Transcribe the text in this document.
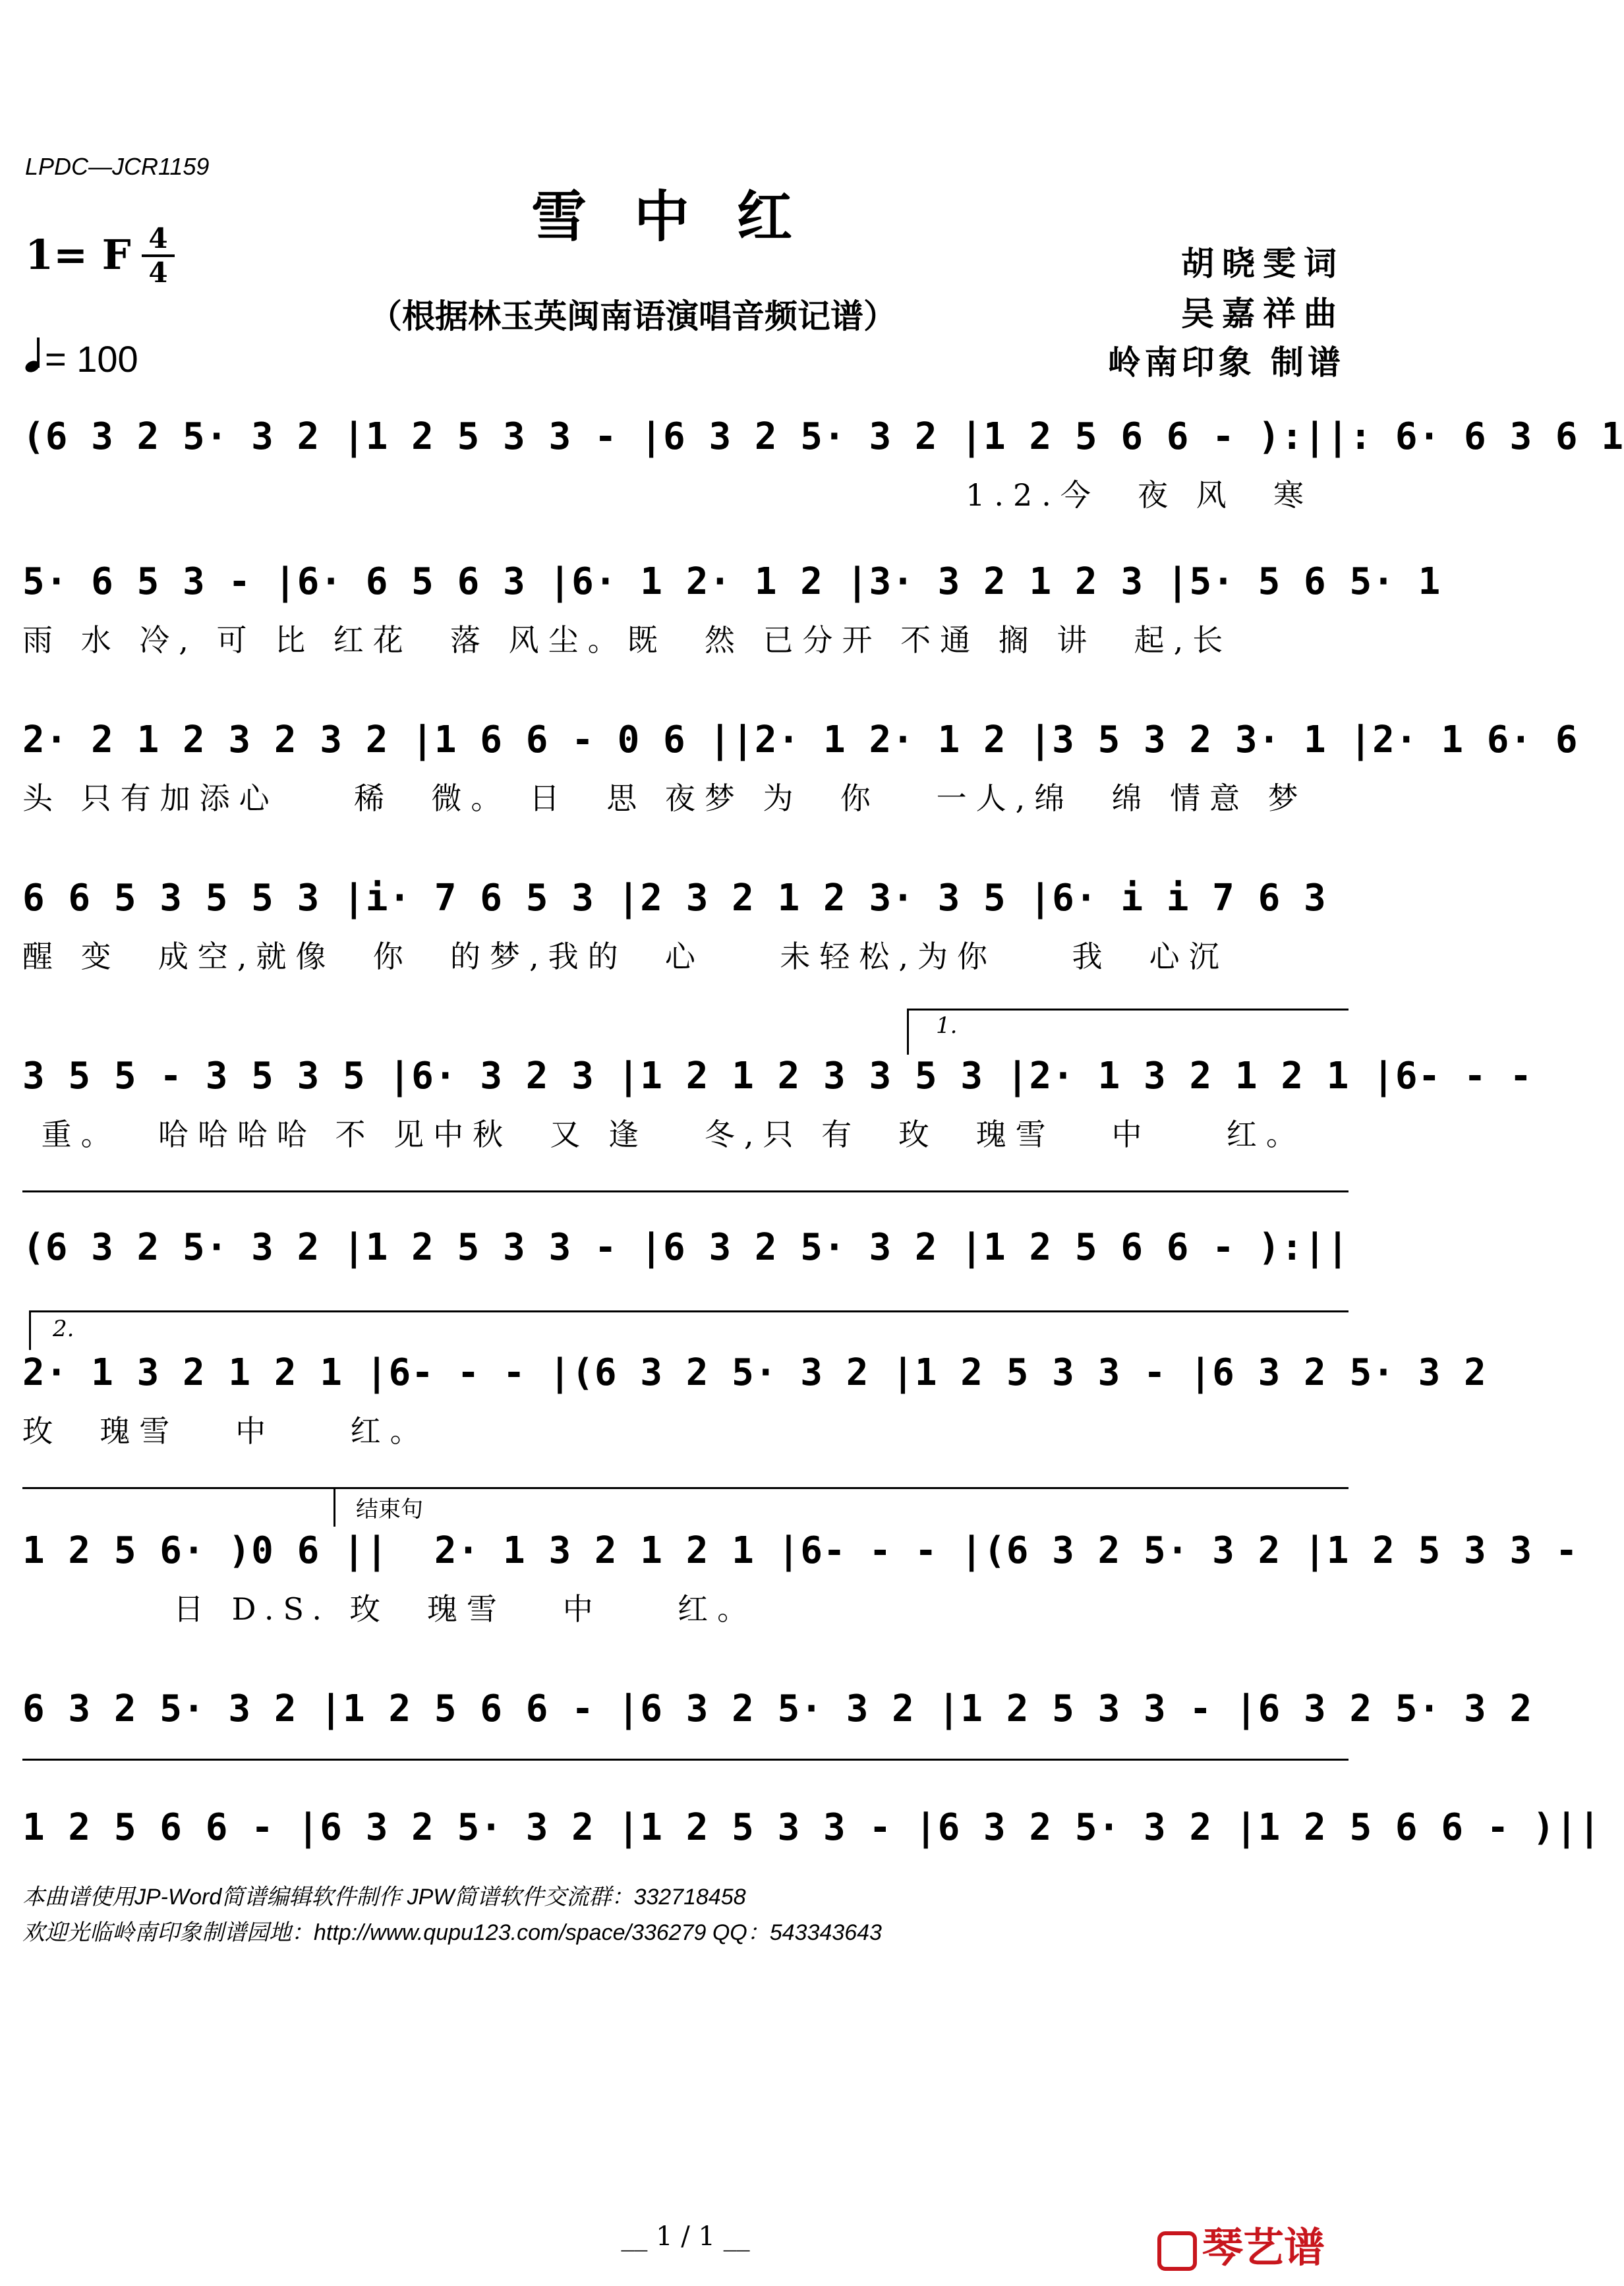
LPDC—JCR1159
雪中红
1= F 4
4
（根据林玉英闽南语演唱音频记谱）
= 100
胡晓雯词
吴嘉祥曲
岭南印象 制谱
(6 3 2 5· 3 2 |1 2 5 3 3 - |6 3 2 5· 3 2 |1 2 5 6 6 - ):||: 6· 6 3 6 1
1.2.今  夜 风  寒
5· 6 5 3 - |6· 6 5 6 3 |6· 1 2· 1 2 |3· 3 2 1 2 3 |5· 5 6 5· 1
雨 水 冷, 可 比 红花  落 风尘。既  然 已分开 不通 搁 讲  起,长
2· 2 1 2 3 2 3 2 |1 6 6 - 0 6 ||2· 1 2· 1 2 |3 5 3 2 3· 1 |2· 1 6· 6
头 只有加添心    稀  微。 日  思 夜梦 为  你   一人,绵  绵 情意 梦
6 6 5 3 5 5 3 |i· 7 6 5 3 |2 3 2 1 2 3· 3 5 |6· i i 7 6 3
醒 变  成空,就像  你  的梦,我的  心    未轻松,为你    我  心沉
1.
3 5 5 - 3 5 3 5 |6· 3 2 3 |1 2 1 2 3 3 5 3 |2· 1 3 2 1 2 1 |6- - -
重。  哈哈哈哈 不 见中秋  又 逢   冬,只 有  玫  瑰雪   中    红。
(6 3 2 5· 3 2 |1 2 5 3 3 - |6 3 2 5· 3 2 |1 2 5 6 6 - ):||
2.
2· 1 3 2 1 2 1 |6- - - |(6 3 2 5· 3 2 |1 2 5 3 3 - |6 3 2 5· 3 2
玫  瑰雪   中    红。
结束句
1 2 5 6· )0 6 ||  2· 1 3 2 1 2 1 |6- - - |(6 3 2 5· 3 2 |1 2 5 3 3 -
日 D.S. 玫  瑰雪   中    红。
6 3 2 5· 3 2 |1 2 5 6 6 - |6 3 2 5· 3 2 |1 2 5 3 3 - |6 3 2 5· 3 2
1 2 5 6 6 - |6 3 2 5· 3 2 |1 2 5 3 3 - |6 3 2 5· 3 2 |1 2 5 6 6 - )||
本曲谱使用JP-Word简谱编辑软件制作 JPW简谱软件交流群：332718458
欢迎光临岭南印象制谱园地：http://www.qupu123.com/space/336279 QQ：543343643
__ 1 / 1 __	琴艺谱
